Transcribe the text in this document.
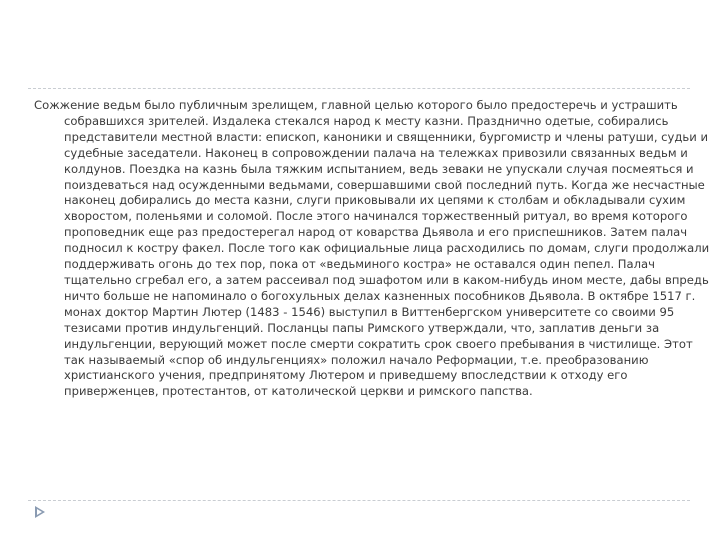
Сожжение ведьм было публичным зрелищем, главной целью которого было предостеречь и устрашить собравшихся зрителей. Издалека стекался народ к месту казни. Празднично одетые, собирались представители местной власти: епископ, каноники и священники, бургомистр и члены ратуши, судьи и судебные заседатели. Наконец в сопровождении палача на тележках привозили связанных ведьм и колдунов. Поездка на казнь была тяжким испытанием, ведь зеваки не упускали случая посмеяться и поиздеваться над осужденными ведьмами, совершавшими свой последний путь. Когда же несчастные наконец добирались до места казни, слуги приковывали их цепями к столбам и обкладывали сухим хворостом, поленьями и соломой. После этого начинался торжественный ритуал, во время которого проповедник еще раз предостерегал народ от коварства Дьявола и его приспешников. Затем палач подносил к костру факел. После того как официальные лица расходились по домам, слуги продолжали поддерживать огонь до тех пор, пока от «ведьминого костра» не оставался один пепел. Палач тщательно сгребал его, а затем рассеивал под эшафотом или в каком-нибудь ином месте, дабы впредь ничто больше не напоминало о богохульных делах казненных пособников Дьявола. В октябре 1517 г. монах доктор Мартин Лютер (1483 - 1546) выступил в Виттенбергском университете со своими 95 тезисами против индульгенций. Посланцы папы Римского утверждали, что, заплатив деньги за индульгенции, верующий может после смерти сократить срок своего пребывания в чистилище. Этот так называемый «спор об индульгенциях» положил начало Реформации, т.е. преобразованию христианского учения, предпринятому Лютером и приведшему впоследствии к отходу его приверженцев, протестантов, от католической церкви и римского папства.
